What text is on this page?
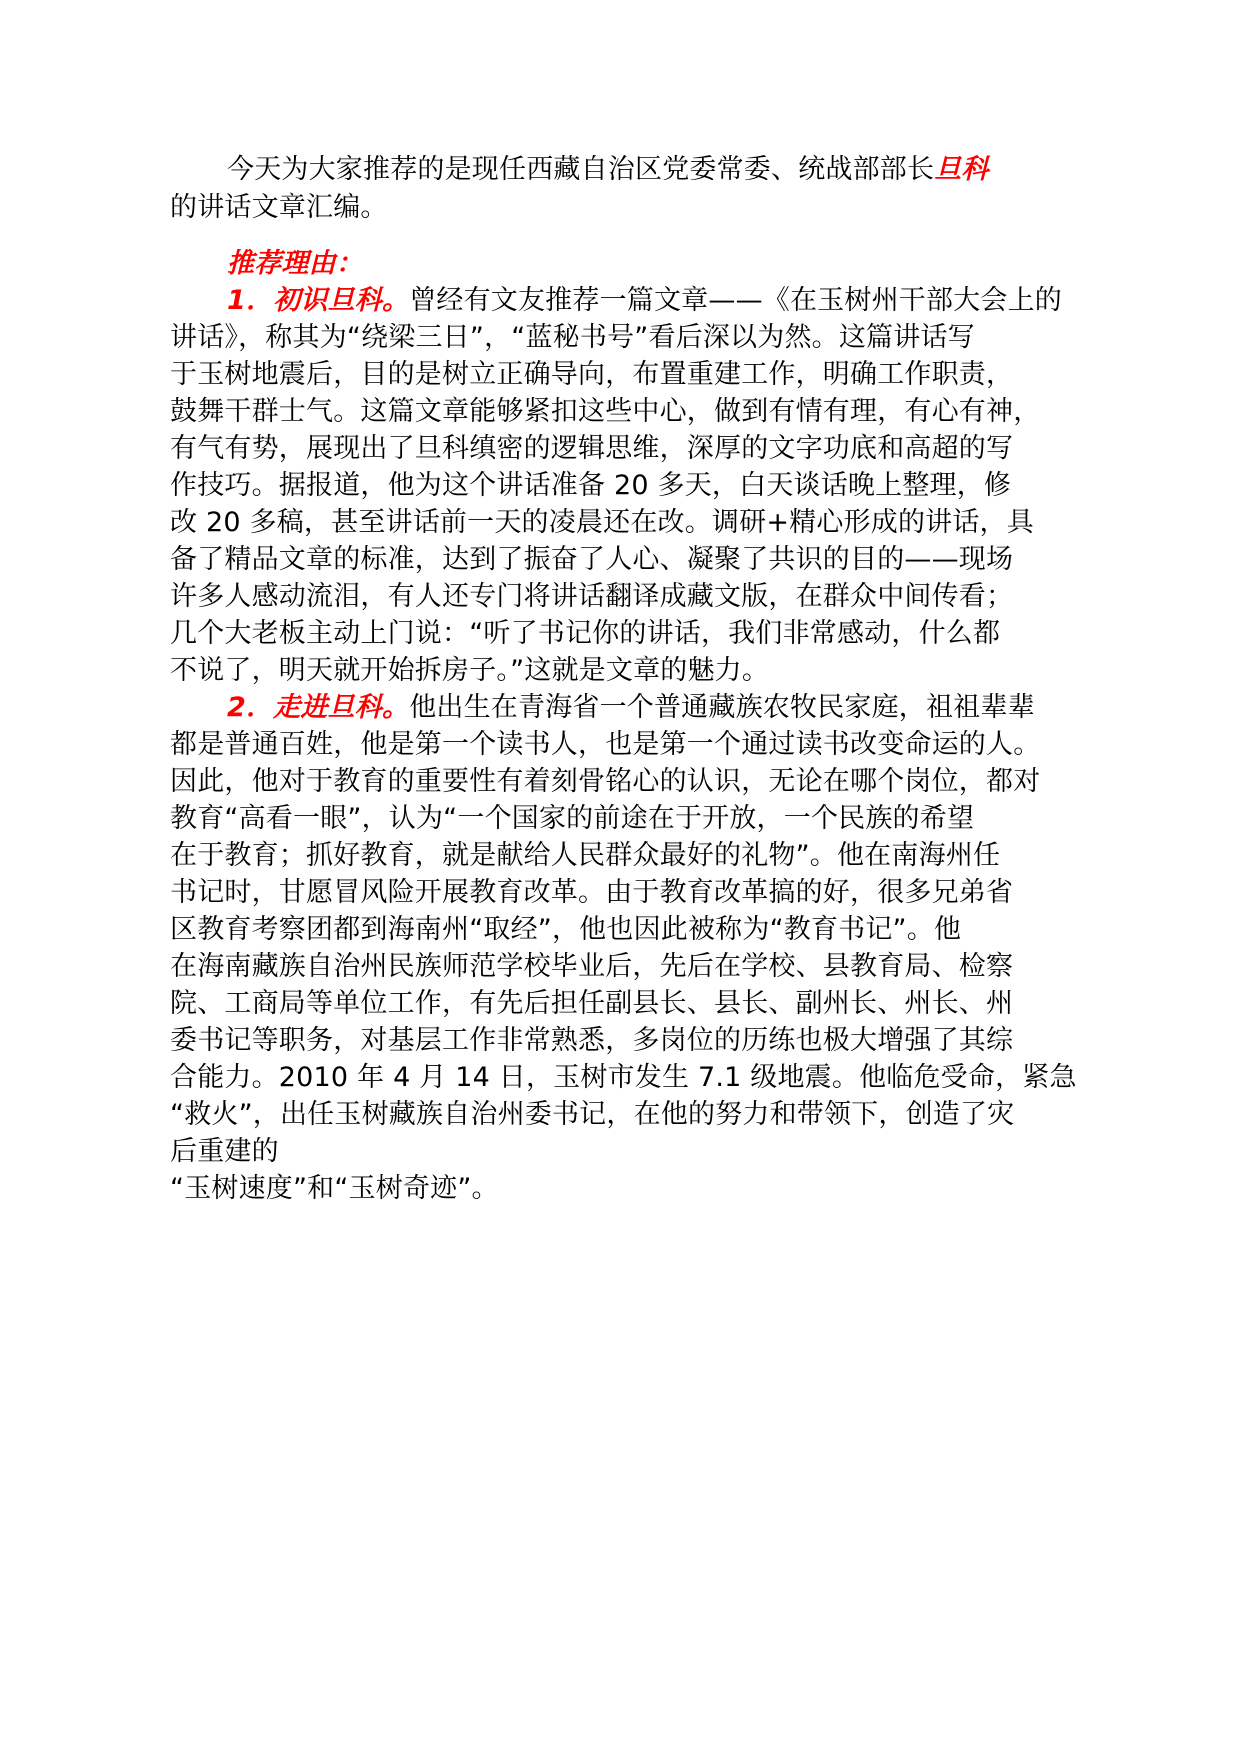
今天为大家推荐的是现任西藏自治区党委常委、统战部部长旦科
的讲话文章汇编。
推荐理由：
1．初识旦科。曾经有文友推荐一篇文章——《在玉树州干部大会上的
讲话》，称其为“绕梁三日”，“蓝秘书号”看后深以为然。这篇讲话写
于玉树地震后，目的是树立正确导向，布置重建工作，明确工作职责，
鼓舞干群士气。这篇文章能够紧扣这些中心，做到有情有理，有心有神，
有气有势，展现出了旦科缜密的逻辑思维，深厚的文字功底和高超的写
作技巧。据报道，他为这个讲话准备 20 多天，白天谈话晚上整理，修
改 20 多稿，甚至讲话前一天的凌晨还在改。调研+精心形成的讲话，具
备了精品文章的标准，达到了振奋了人心、凝聚了共识的目的——现场
许多人感动流泪，有人还专门将讲话翻译成藏文版，在群众中间传看；
几个大老板主动上门说：“听了书记你的讲话，我们非常感动，什么都
不说了，明天就开始拆房子。”这就是文章的魅力。
2．走进旦科。他出生在青海省一个普通藏族农牧民家庭，祖祖辈辈
都是普通百姓，他是第一个读书人，也是第一个通过读书改变命运的人。
因此，他对于教育的重要性有着刻骨铭心的认识，无论在哪个岗位，都对
教育“高看一眼”，认为“一个国家的前途在于开放，一个民族的希望
在于教育；抓好教育，就是献给人民群众最好的礼物”。他在南海州任
书记时，甘愿冒风险开展教育改革。由于教育改革搞的好，很多兄弟省
区教育考察团都到海南州“取经”，他也因此被称为“教育书记”。他
在海南藏族自治州民族师范学校毕业后，先后在学校、县教育局、检察
院、工商局等单位工作，有先后担任副县长、县长、副州长、州长、州
委书记等职务，对基层工作非常熟悉，多岗位的历练也极大增强了其综
合能力。2010 年 4 月 14 日，玉树市发生 7.1 级地震。他临危受命，紧急
“救火”，出任玉树藏族自治州委书记，在他的努力和带领下，创造了灾
后重建的
“玉树速度”和“玉树奇迹”。
